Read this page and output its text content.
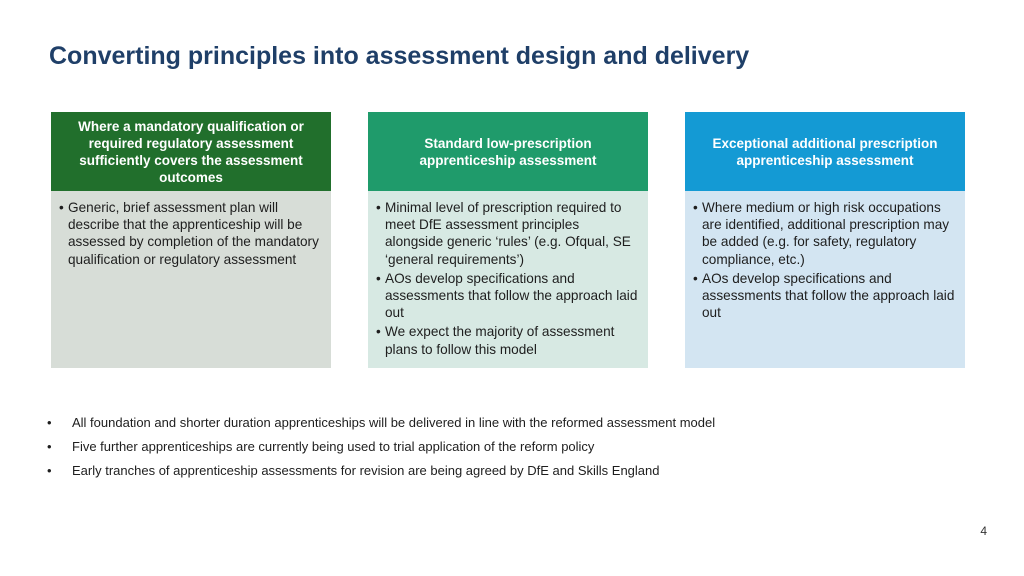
Converting principles into assessment design and delivery
Where a mandatory qualification or required regulatory assessment sufficiently covers the assessment outcomes
• Generic, brief assessment plan will describe that the apprenticeship will be assessed by completion of the mandatory qualification or regulatory assessment
Standard low-prescription apprenticeship assessment
• Minimal level of prescription required to meet DfE assessment principles alongside generic ‘rules’ (e.g. Ofqual, SE ‘general requirements’)
• AOs develop specifications and assessments that follow the approach laid out
• We expect the majority of assessment plans to follow this model
Exceptional additional prescription apprenticeship assessment
• Where medium or high risk occupations are identified, additional prescription may be added (e.g. for safety, regulatory compliance, etc.)
• AOs develop specifications and assessments that follow the approach laid out
• All foundation and shorter duration apprenticeships will be delivered in line with the reformed assessment model
• Five further apprenticeships are currently being used to trial application of the reform policy
• Early tranches of apprenticeship assessments for revision are being agreed by DfE and Skills England
4
